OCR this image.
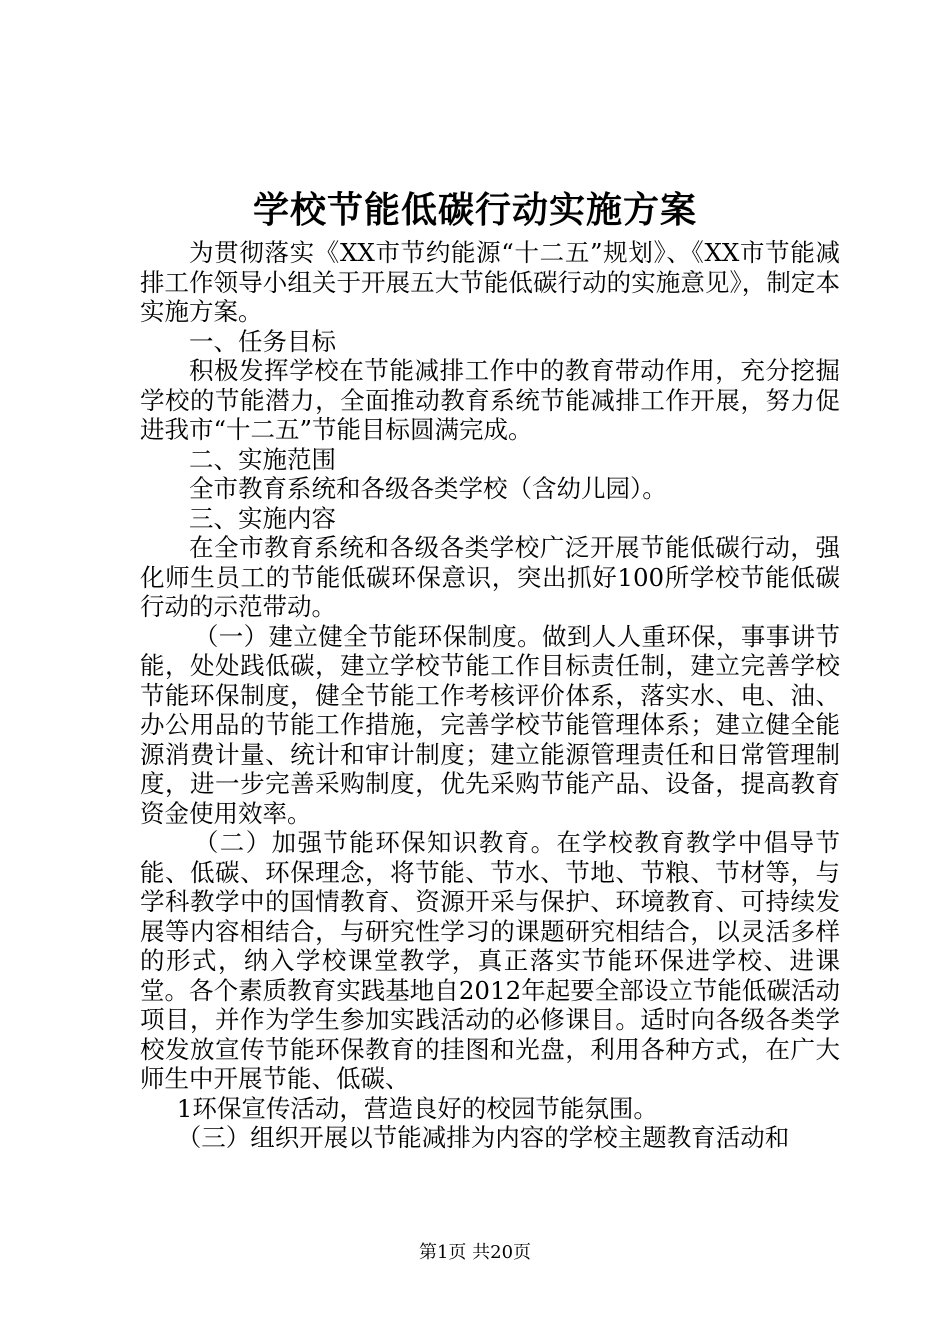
学校节能低碳行动实施方案

为贯彻落实《XX市节约能源“十二五”规划》、《XX市节能减排工作领导小组关于开展五大节能低碳行动的实施意见》，制定本实施方案。

一、任务目标

积极发挥学校在节能减排工作中的教育带动作用，充分挖掘学校的节能潜力，全面推动教育系统节能减排工作开展，努力促进我市“十二五”节能目标圆满完成。

二、实施范围

全市教育系统和各级各类学校（含幼儿园）。

三、实施内容

在全市教育系统和各级各类学校广泛开展节能低碳行动，强化师生员工的节能低碳环保意识，突出抓好100所学校节能低碳行动的示范带动。

（一）建立健全节能环保制度。做到人人重环保，事事讲节能，处处践低碳，建立学校节能工作目标责任制，建立完善学校节能环保制度，健全节能工作考核评价体系，落实水、电、油、办公用品的节能工作措施，完善学校节能管理体系；建立健全能源消费计量、统计和审计制度；建立能源管理责任和日常管理制度，进一步完善采购制度，优先采购节能产品、设备，提高教育资金使用效率。

（二）加强节能环保知识教育。在学校教育教学中倡导节能、低碳、环保理念，将节能、节水、节地、节粮、节材等，与学科教学中的国情教育、资源开采与保护、环境教育、可持续发展等内容相结合，与研究性学习的课题研究相结合，以灵活多样的形式，纳入学校课堂教学，真正落实节能环保进学校、进课堂。各个素质教育实践基地自2012年起要全部设立节能低碳活动项目，并作为学生参加实践活动的必修课目。适时向各级各类学校发放宣传节能环保教育的挂图和光盘，利用各种方式，在广大师生中开展节能、低碳、

1环保宣传活动，营造良好的校园节能氛围。

（三）组织开展以节能减排为内容的学校主题教育活动和

第1页 共20页
